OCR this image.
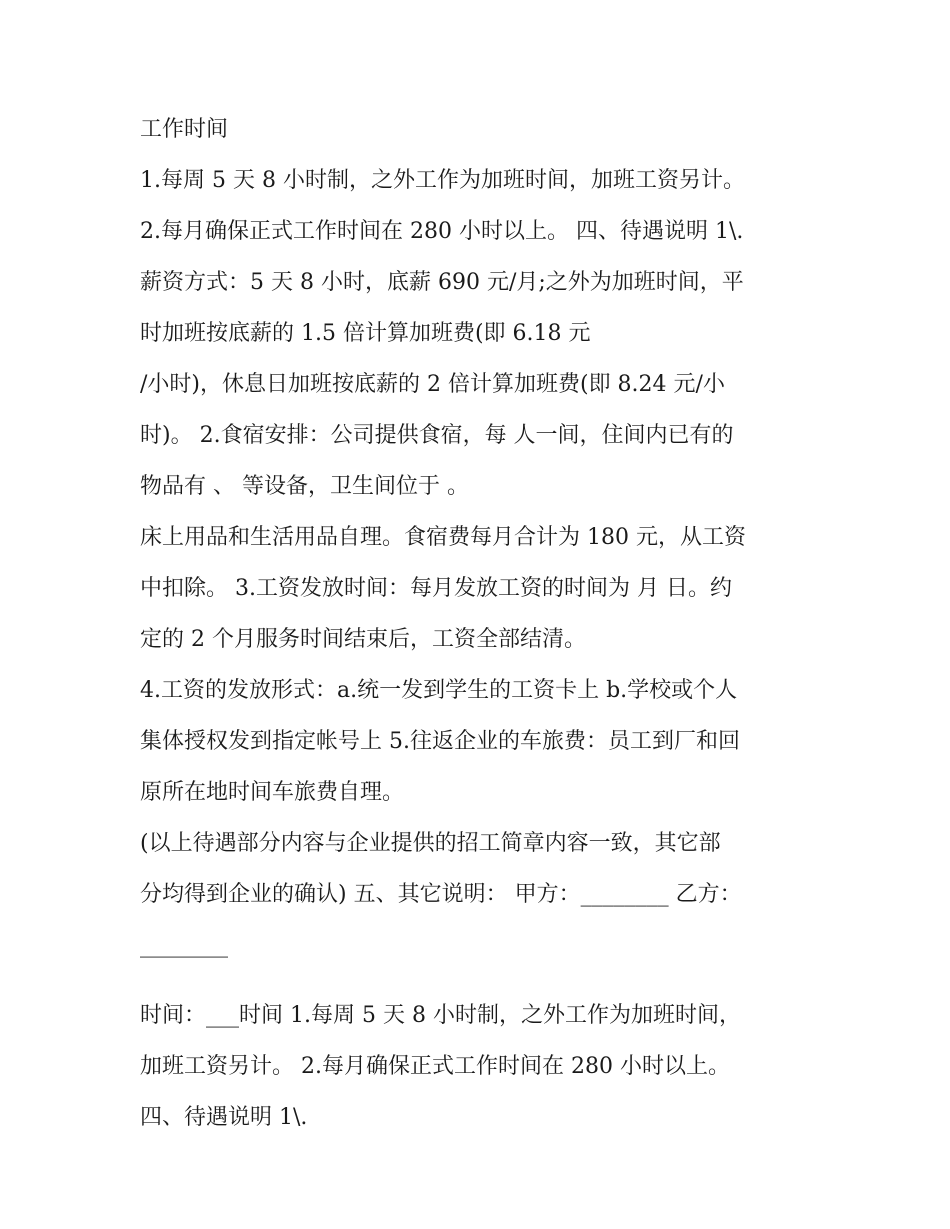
工作时间
1.每周 5 天 8 小时制，之外工作为加班时间，加班工资另计。
2.每月确保正式工作时间在 280 小时以上。 四、待遇说明 1\.
薪资方式：5 天 8 小时，底薪 690 元/月;之外为加班时间，平
时加班按底薪的 1.5 倍计算加班费(即 6.18 元
/小时)，休息日加班按底薪的 2 倍计算加班费(即 8.24 元/小
时)。 2.食宿安排：公司提供食宿，每 人一间，住间内已有的
物品有 、 等设备，卫生间位于 。
床上用品和生活用品自理。食宿费每月合计为 180 元，从工资
中扣除。 3.工资发放时间：每月发放工资的时间为 月 日。约
定的 2 个月服务时间结束后，工资全部结清。
4.工资的发放形式：a.统一发到学生的工资卡上 b.学校或个人
集体授权发到指定帐号上 5.往返企业的车旅费：员工到厂和回
原所在地时间车旅费自理。
(以上待遇部分内容与企业提供的招工简章内容一致，其它部
分均得到企业的确认) 五、其它说明： 甲方：________ 乙方：
________
时间：___时间 1.每周 5 天 8 小时制，之外工作为加班时间，
加班工资另计。 2.每月确保正式工作时间在 280 小时以上。
四、待遇说明 1\.
